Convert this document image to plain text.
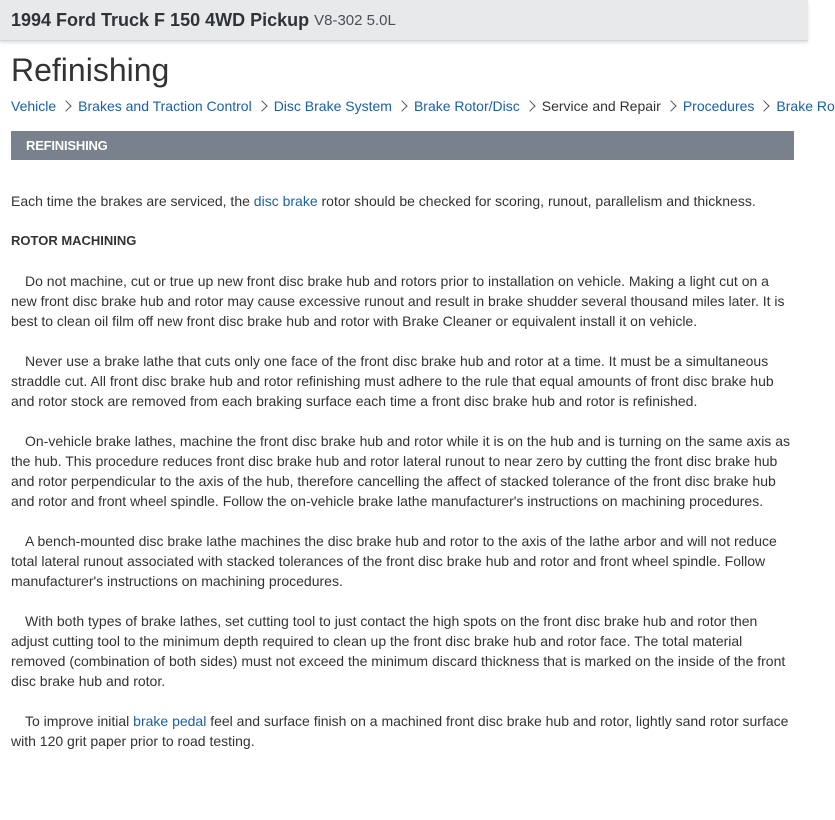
1994 Ford Truck F 150 4WD Pickup V8-302 5.0L
Refinishing
Vehicle Brakes and Traction Control Disc Brake System Brake Rotor/Disc Service and Repair Procedures Brake Ro
REFINISHING

Each time the brakes are serviced, the disc brake rotor should be checked for scoring, runout, parallelism and thickness.

ROTOR MACHINING

Do not machine, cut or true up new front disc brake hub and rotors prior to installation on vehicle. Making a light cut on a new front disc brake hub and rotor may cause excessive runout and result in brake shudder several thousand miles later. It is best to clean oil film off new front disc brake hub and rotor with Brake Cleaner or equivalent install it on vehicle.

Never use a brake lathe that cuts only one face of the front disc brake hub and rotor at a time. It must be a simultaneous straddle cut. All front disc brake hub and rotor refinishing must adhere to the rule that equal amounts of front disc brake hub and rotor stock are removed from each braking surface each time a front disc brake hub and rotor is refinished.

On-vehicle brake lathes, machine the front disc brake hub and rotor while it is on the hub and is turning on the same axis as the hub. This procedure reduces front disc brake hub and rotor lateral runout to near zero by cutting the front disc brake hub and rotor perpendicular to the axis of the hub, therefore cancelling the affect of stacked tolerance of the front disc brake hub and rotor and front wheel spindle. Follow the on-vehicle brake lathe manufacturer's instructions on machining procedures.

A bench-mounted disc brake lathe machines the disc brake hub and rotor to the axis of the lathe arbor and will not reduce total lateral runout associated with stacked tolerances of the front disc brake hub and rotor and front wheel spindle. Follow manufacturer's instructions on machining procedures.

With both types of brake lathes, set cutting tool to just contact the high spots on the front disc brake hub and rotor then adjust cutting tool to the minimum depth required to clean up the front disc brake hub and rotor face. The total material removed (combination of both sides) must not exceed the minimum discard thickness that is marked on the inside of the front disc brake hub and rotor.

To improve initial brake pedal feel and surface finish on a machined front disc brake hub and rotor, lightly sand rotor surface with 120 grit paper prior to road testing.
